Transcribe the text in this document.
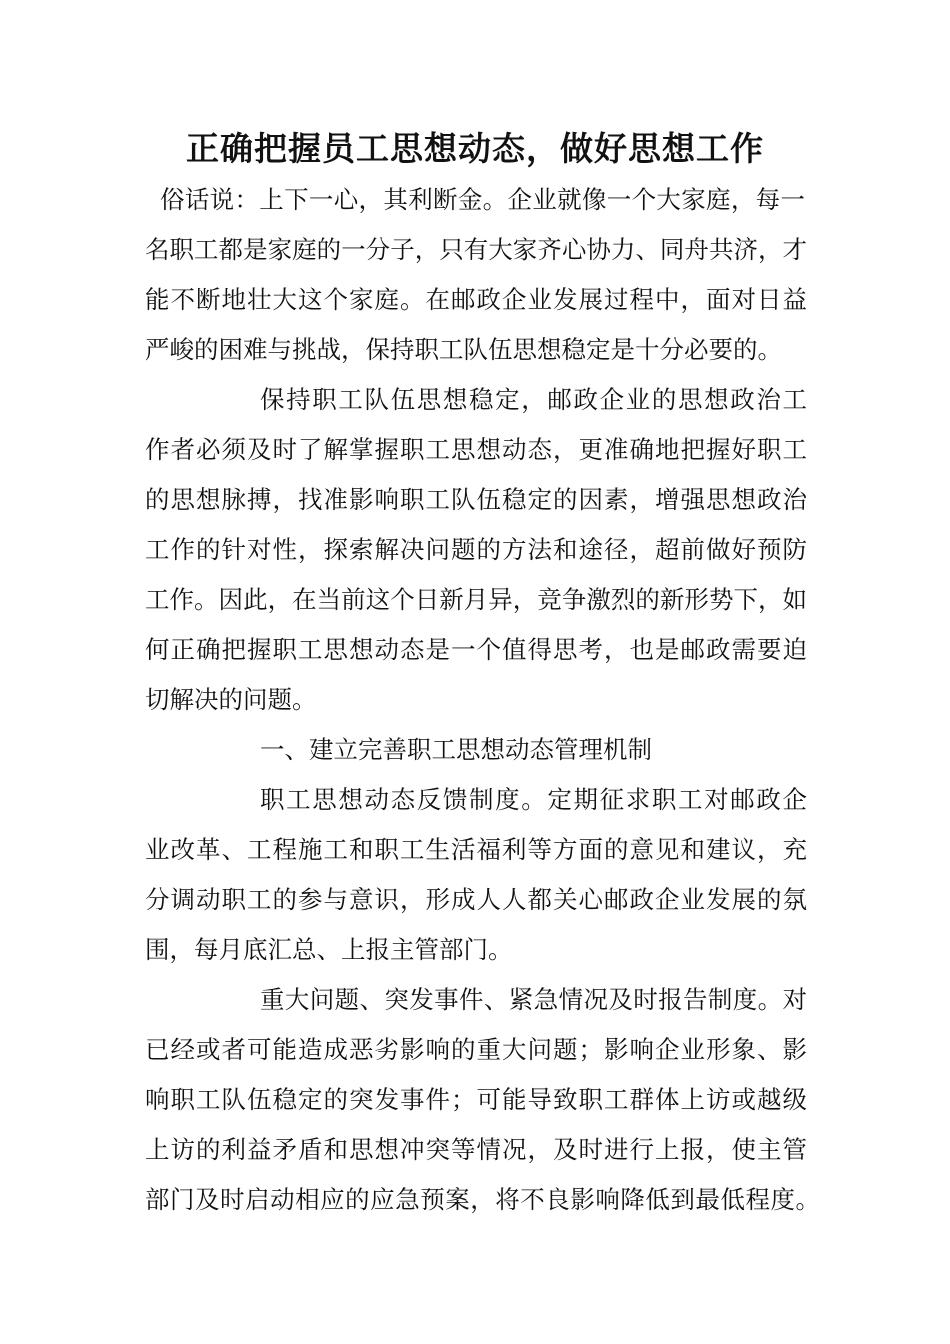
正确把握员工思想动态，做好思想工作
俗话说：上下一心，其利断金。企业就像一个大家庭，每一
名职工都是家庭的一分子，只有大家齐心协力、同舟共济，才
能不断地壮大这个家庭。在邮政企业发展过程中，面对日益
严峻的困难与挑战，保持职工队伍思想稳定是十分必要的。
保持职工队伍思想稳定，邮政企业的思想政治工
作者必须及时了解掌握职工思想动态，更准确地把握好职工
的思想脉搏，找准影响职工队伍稳定的因素，增强思想政治
工作的针对性，探索解决问题的方法和途径，超前做好预防
工作。因此，在当前这个日新月异，竞争激烈的新形势下，如
何正确把握职工思想动态是一个值得思考，也是邮政需要迫
切解决的问题。
一、建立完善职工思想动态管理机制
职工思想动态反馈制度。定期征求职工对邮政企
业改革、工程施工和职工生活福利等方面的意见和建议，充
分调动职工的参与意识，形成人人都关心邮政企业发展的氛
围，每月底汇总、上报主管部门。
重大问题、突发事件、紧急情况及时报告制度。对
已经或者可能造成恶劣影响的重大问题；影响企业形象、影
响职工队伍稳定的突发事件；可能导致职工群体上访或越级
上访的利益矛盾和思想冲突等情况，及时进行上报，使主管
部门及时启动相应的应急预案，将不良影响降低到最低程度。
